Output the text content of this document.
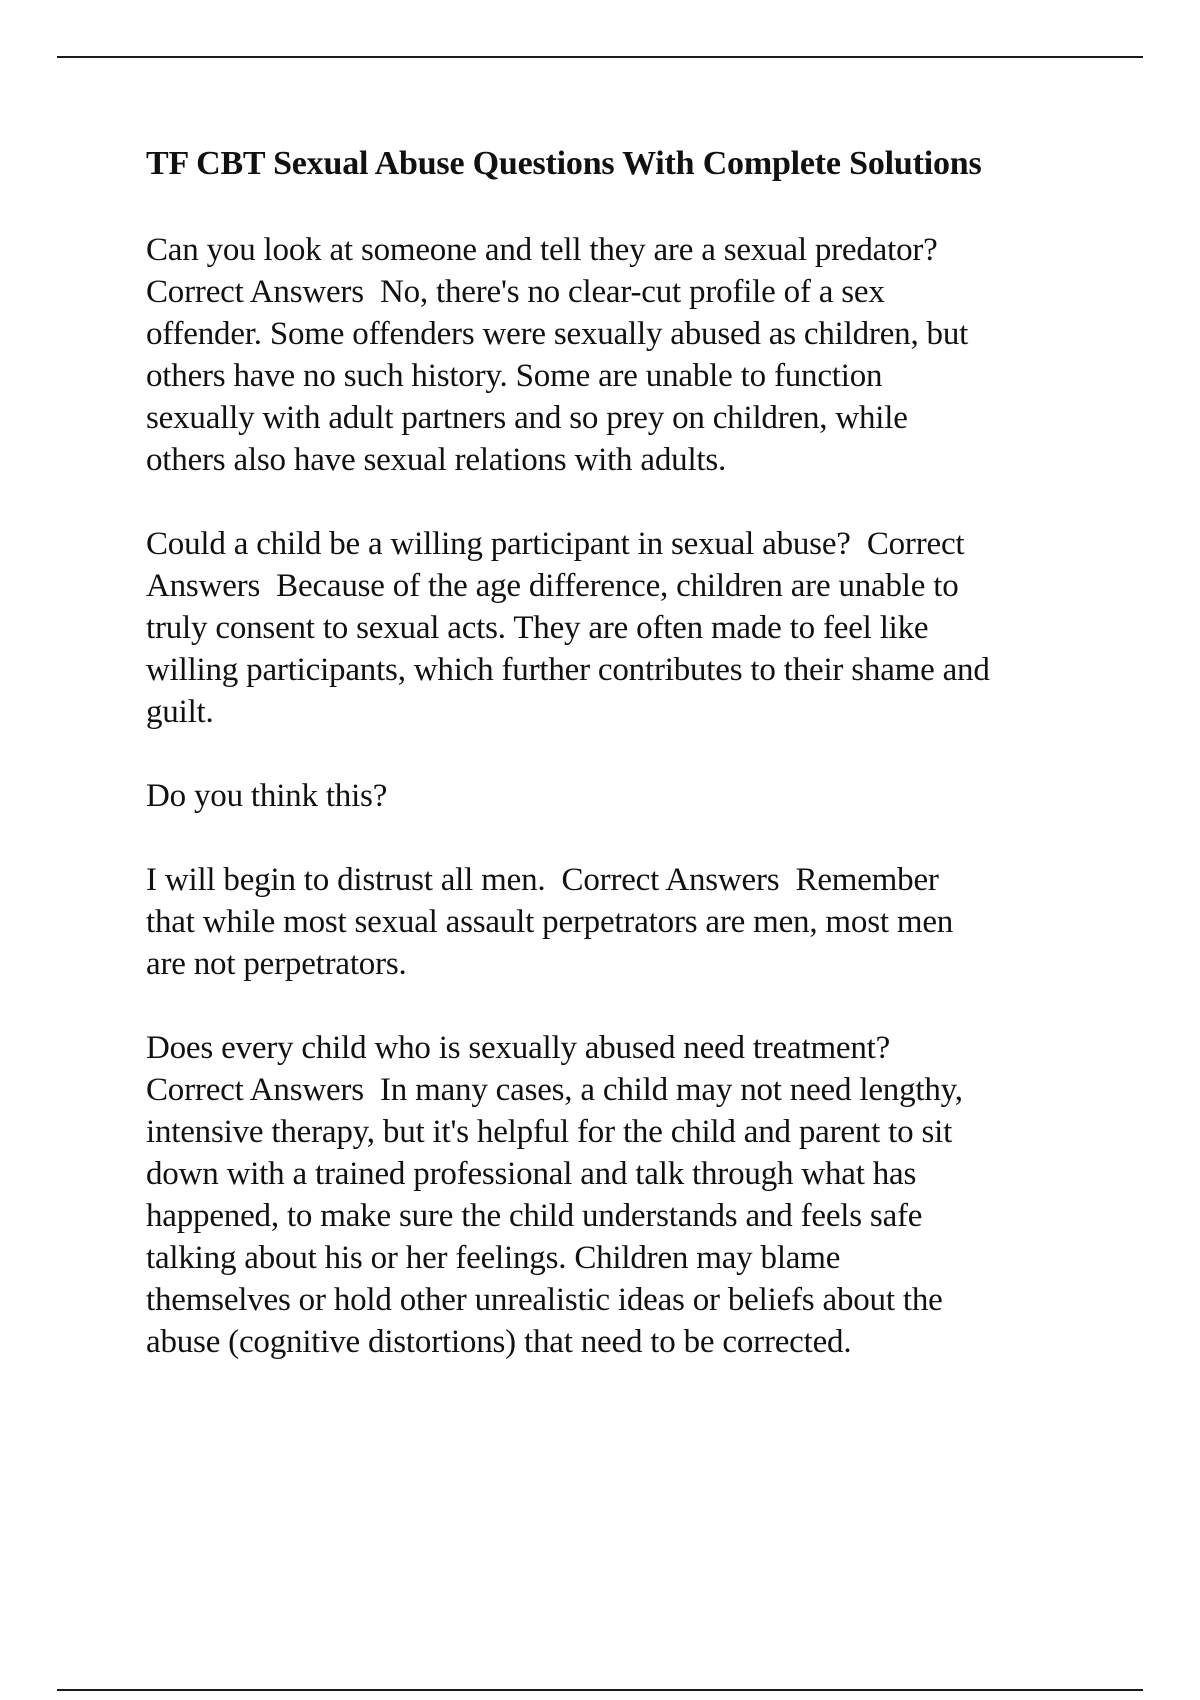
TF CBT Sexual Abuse Questions With Complete Solutions
Can you look at someone and tell they are a sexual predator?
Correct Answers  No, there's no clear-cut profile of a sex
offender. Some offenders were sexually abused as children, but
others have no such history. Some are unable to function
sexually with adult partners and so prey on children, while
others also have sexual relations with adults.
Could a child be a willing participant in sexual abuse?  Correct
Answers  Because of the age difference, children are unable to
truly consent to sexual acts. They are often made to feel like
willing participants, which further contributes to their shame and
guilt.
Do you think this?
I will begin to distrust all men.  Correct Answers  Remember
that while most sexual assault perpetrators are men, most men
are not perpetrators.
Does every child who is sexually abused need treatment?
Correct Answers  In many cases, a child may not need lengthy,
intensive therapy, but it's helpful for the child and parent to sit
down with a trained professional and talk through what has
happened, to make sure the child understands and feels safe
talking about his or her feelings. Children may blame
themselves or hold other unrealistic ideas or beliefs about the
abuse (cognitive distortions) that need to be corrected.
